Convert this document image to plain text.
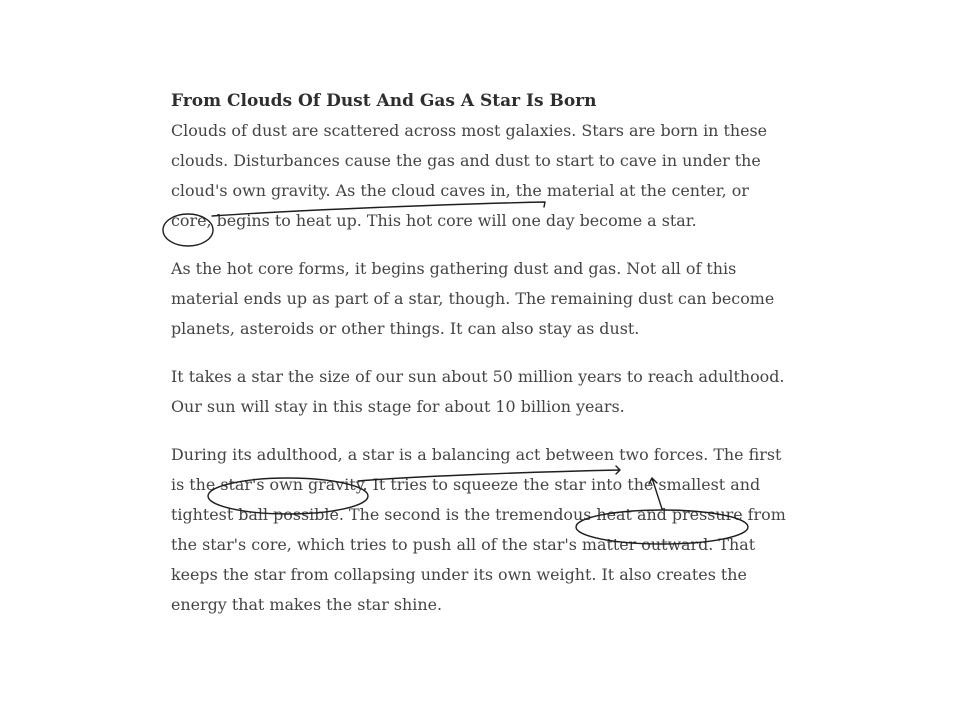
From Clouds Of Dust And Gas A Star Is Born
Clouds of dust are scattered across most galaxies. Stars are born in these
clouds. Disturbances cause the gas and dust to start to cave in under the
cloud's own gravity. As the cloud caves in, the material at the center, or
core, begins to heat up. This hot core will one day become a star.
As the hot core forms, it begins gathering dust and gas. Not all of this
material ends up as part of a star, though. The remaining dust can become
planets, asteroids or other things. It can also stay as dust.
It takes a star the size of our sun about 50 million years to reach adulthood.
Our sun will stay in this stage for about 10 billion years.
During its adulthood, a star is a balancing act between two forces. The first
is the star's own gravity. It tries to squeeze the star into the smallest and
tightest ball possible. The second is the tremendous heat and pressure from
the star's core, which tries to push all of the star's matter outward. That
keeps the star from collapsing under its own weight. It also creates the
energy that makes the star shine.
